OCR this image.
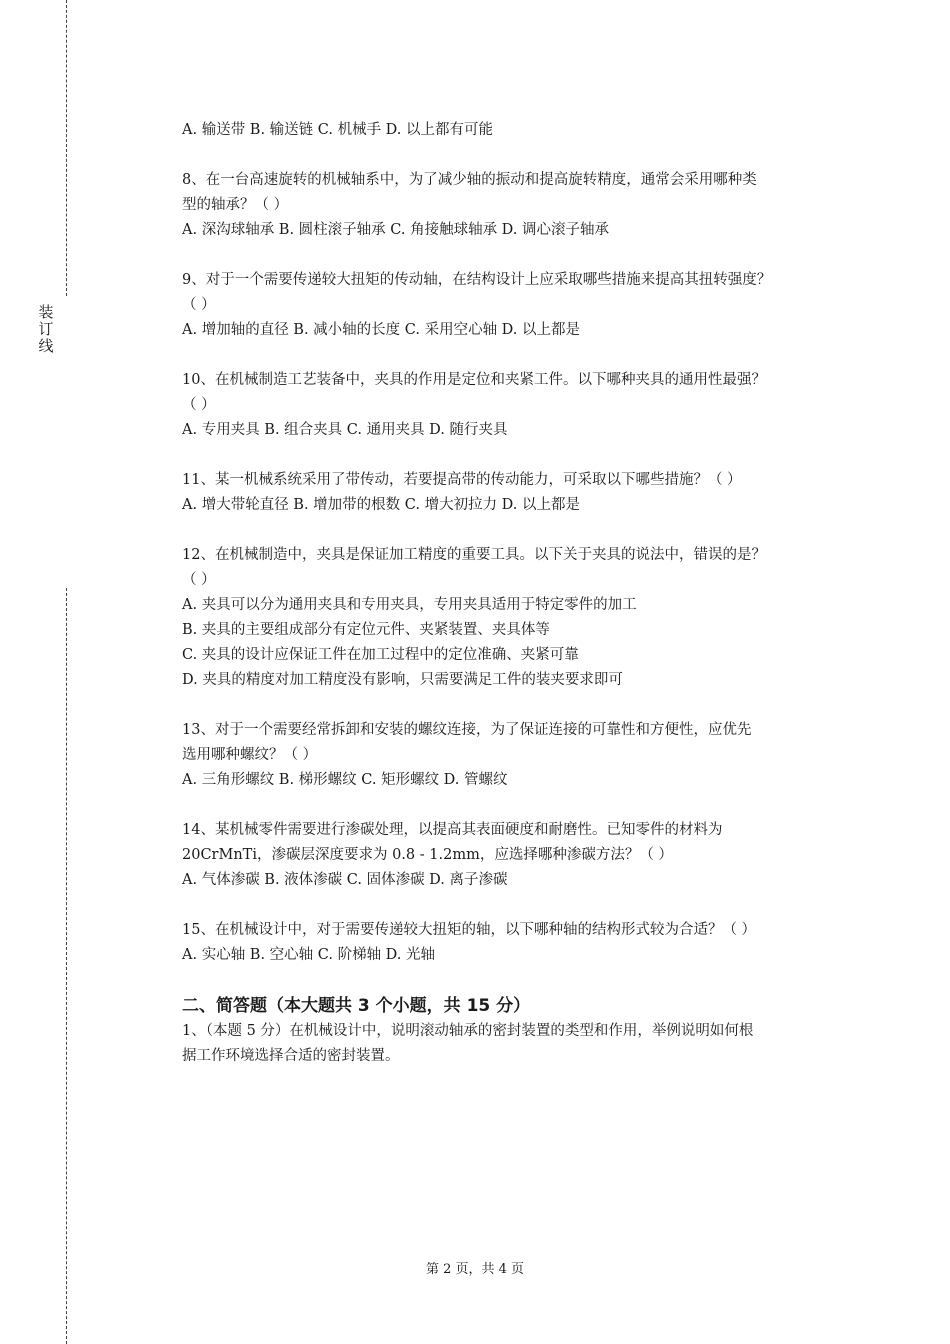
装订线

A. 输送带 B. 输送链 C. 机械手 D. 以上都有可能

8、在一台高速旋转的机械轴系中，为了减少轴的振动和提高旋转精度，通常会采用哪种类

型的轴承？（ ）

A. 深沟球轴承 B. 圆柱滚子轴承 C. 角接触球轴承 D. 调心滚子轴承

9、对于一个需要传递较大扭矩的传动轴，在结构设计上应采取哪些措施来提高其扭转强度？

（ ）

A. 增加轴的直径 B. 减小轴的长度 C. 采用空心轴 D. 以上都是

10、在机械制造工艺装备中，夹具的作用是定位和夹紧工件。以下哪种夹具的通用性最强？

（ ）

A. 专用夹具 B. 组合夹具 C. 通用夹具 D. 随行夹具

11、某一机械系统采用了带传动，若要提高带的传动能力，可采取以下哪些措施？（ ）

A. 增大带轮直径 B. 增加带的根数 C. 增大初拉力 D. 以上都是

12、在机械制造中，夹具是保证加工精度的重要工具。以下关于夹具的说法中，错误的是？

（ ）

A. 夹具可以分为通用夹具和专用夹具，专用夹具适用于特定零件的加工

B. 夹具的主要组成部分有定位元件、夹紧装置、夹具体等

C. 夹具的设计应保证工件在加工过程中的定位准确、夹紧可靠

D. 夹具的精度对加工精度没有影响，只需要满足工件的装夹要求即可

13、对于一个需要经常拆卸和安装的螺纹连接，为了保证连接的可靠性和方便性，应优先

选用哪种螺纹？（ ）

A. 三角形螺纹 B. 梯形螺纹 C. 矩形螺纹 D. 管螺纹

14、某机械零件需要进行渗碳处理，以提高其表面硬度和耐磨性。已知零件的材料为

20CrMnTi，渗碳层深度要求为 0.8 - 1.2mm，应选择哪种渗碳方法？（ ）

A. 气体渗碳 B. 液体渗碳 C. 固体渗碳 D. 离子渗碳

15、在机械设计中，对于需要传递较大扭矩的轴，以下哪种轴的结构形式较为合适？（ ）

A. 实心轴 B. 空心轴 C. 阶梯轴 D. 光轴

二、简答题（本大题共 3 个小题，共 15 分）

1、（本题 5 分）在机械设计中，说明滚动轴承的密封装置的类型和作用，举例说明如何根

据工作环境选择合适的密封装置。

第 2 页，共 4 页
